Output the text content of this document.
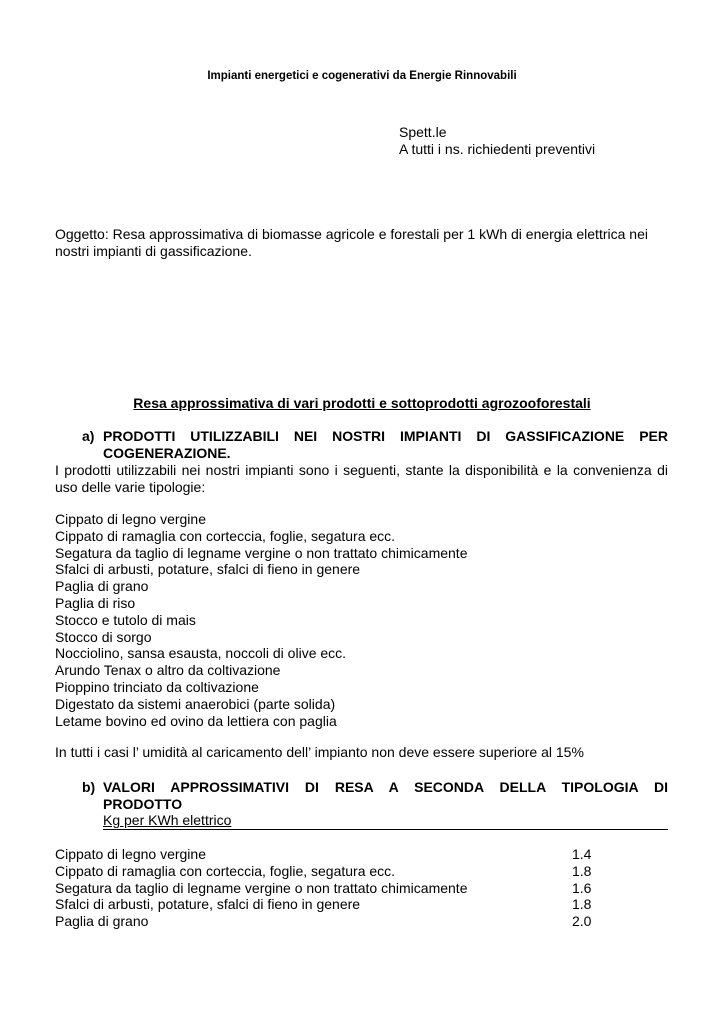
Impianti energetici e cogenerativi da Energie Rinnovabili
Spett.le
A tutti i ns. richiedenti preventivi
Oggetto: Resa approssimativa di biomasse agricole e forestali per 1 kWh di energia elettrica nei nostri impianti di gassificazione.
Resa approssimativa di vari prodotti e sottoprodotti agrozooforestali
a) PRODOTTI UTILIZZABILI NEI NOSTRI IMPIANTI DI GASSIFICAZIONE PER
COGENERAZIONE.
I prodotti utilizzabili nei nostri impianti sono i seguenti, stante la disponibilità e la convenienza di uso delle varie tipologie:
Cippato di legno vergine
Cippato di ramaglia con corteccia, foglie, segatura ecc.
Segatura da taglio di legname vergine o non trattato chimicamente
Sfalci di arbusti, potature, sfalci di fieno in genere
Paglia di grano
Paglia di riso
Stocco e tutolo di mais
Stocco di sorgo
Nocciolino, sansa esausta, noccoli di olive ecc.
Arundo Tenax o altro da coltivazione
Pioppino trinciato da coltivazione
Digestato da sistemi anaerobici (parte solida)
Letame bovino ed ovino da lettiera con paglia
In tutti i casi l’ umidità al caricamento dell’ impianto non deve essere superiore al 15%
b) VALORI APPROSSIMATIVI DI RESA A SECONDA DELLA TIPOLOGIA DI
PRODOTTO
Kg per KWh elettrico
Cippato di legno vergine	1.4
Cippato di ramaglia con corteccia, foglie, segatura ecc.	1.8
Segatura da taglio di legname vergine o non trattato chimicamente	1.6
Sfalci di arbusti, potature, sfalci di fieno in genere	1.8
Paglia di grano	2.0
